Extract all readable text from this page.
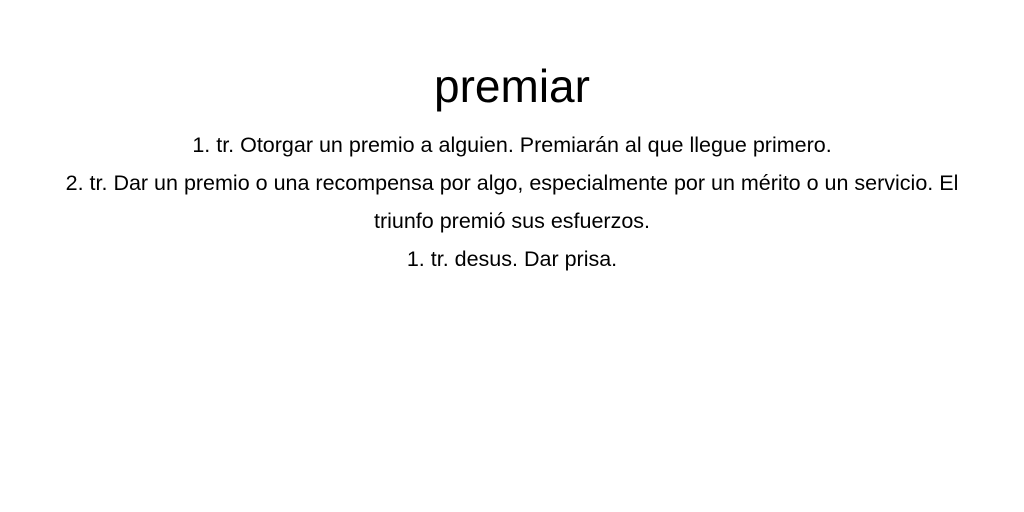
premiar
1. tr. Otorgar un premio a alguien. Premiarán al que llegue primero.
2. tr. Dar un premio o una recompensa por algo, especialmente por un mérito o un servicio. El triunfo premió sus esfuerzos.
1. tr. desus. Dar prisa.
